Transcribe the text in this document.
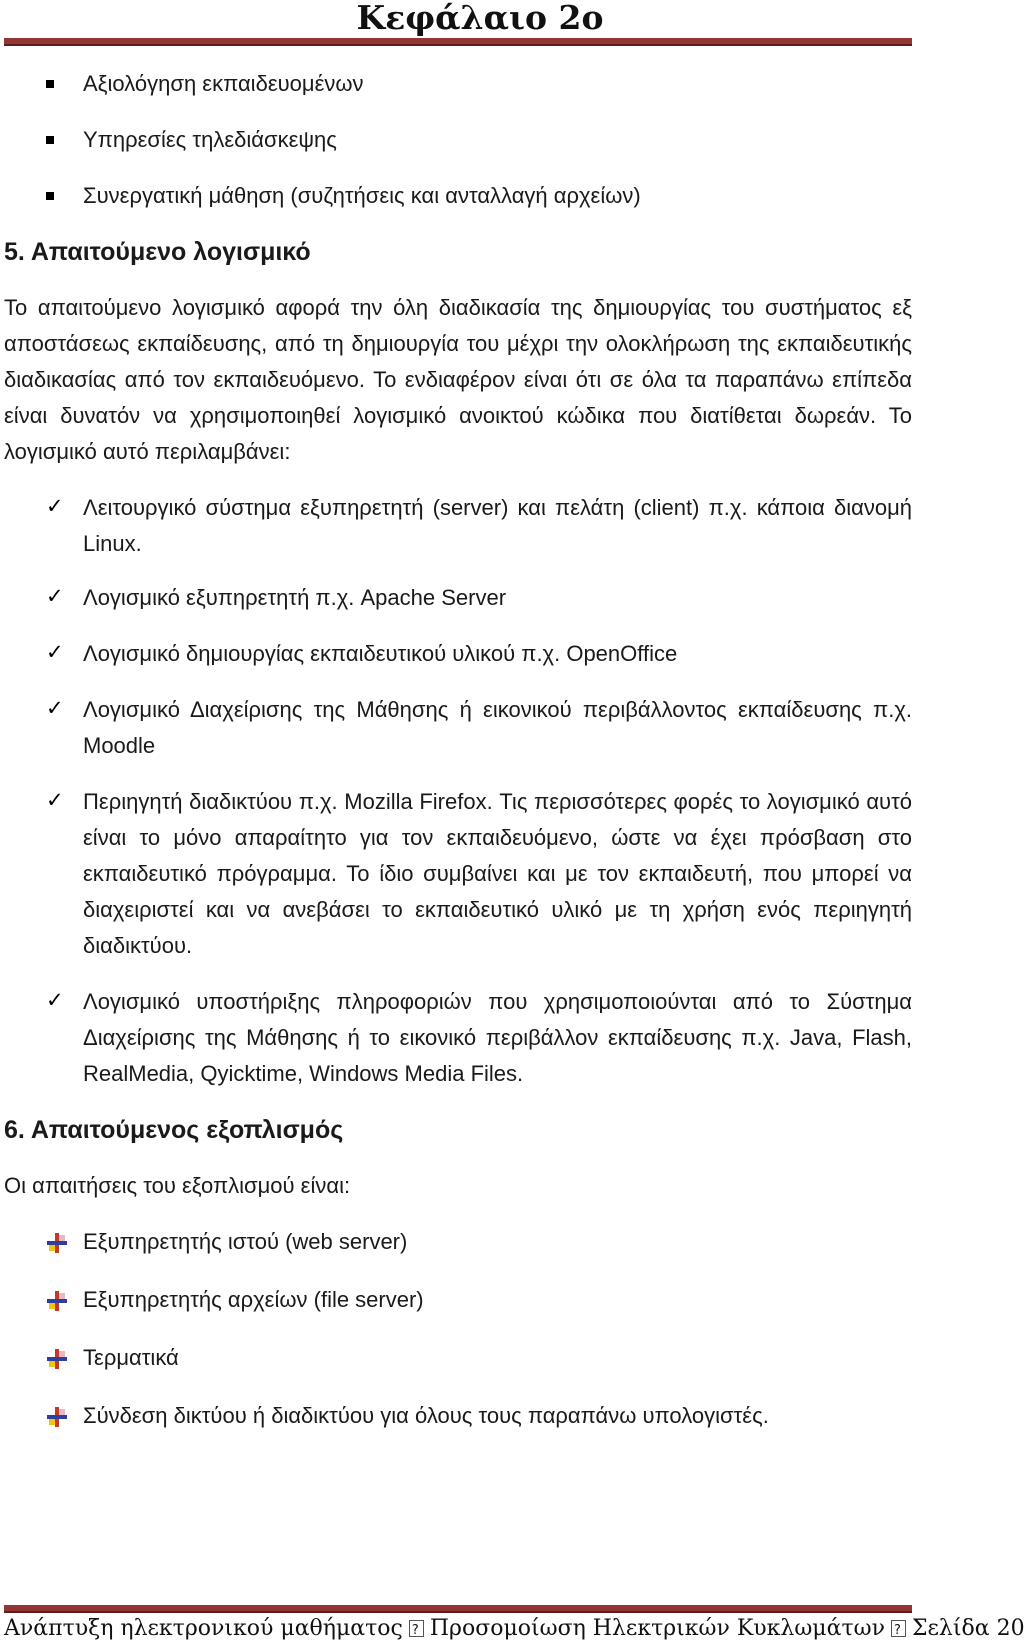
Κεφάλαιο 2ο
Αξιολόγηση εκπαιδευομένων
Υπηρεσίες τηλεδιάσκεψης
Συνεργατική μάθηση (συζητήσεις και ανταλλαγή αρχείων)
5. Απαιτούμενο λογισμικό

Το απαιτούμενο λογισμικό αφορά την όλη διαδικασία της δημιουργίας του συστήματος εξ αποστάσεως εκπαίδευσης, από τη δημιουργία του μέχρι την ολοκλήρωση της εκπαιδευτικής διαδικασίας από τον εκπαιδευόμενο. Το ενδιαφέρον είναι ότι σε όλα τα παραπάνω επίπεδα είναι δυνατόν να χρησιμοποιηθεί λογισμικό ανοικτού κώδικα που διατίθεται δωρεάν. Το λογισμικό αυτό περιλαμβάνει:

✓ Λειτουργικό σύστημα εξυπηρετητή (server) και πελάτη (client) π.χ. κάποια διανομή Linux.
✓ Λογισμικό εξυπηρετητή π.χ. Apache Server
✓ Λογισμικό δημιουργίας εκπαιδευτικού υλικού π.χ. OpenOffice
✓ Λογισμικό Διαχείρισης της Μάθησης ή εικονικού περιβάλλοντος εκπαίδευσης π.χ. Moodle
✓ Περιηγητή διαδικτύου π.χ. Mozilla Firefox. Τις περισσότερες φορές το λογισμικό αυτό είναι το μόνο απαραίτητο για τον εκπαιδευόμενο, ώστε να έχει πρόσβαση στο εκπαιδευτικό πρόγραμμα. Το ίδιο συμβαίνει και με τον εκπαιδευτή, που μπορεί να διαχειριστεί και να ανεβάσει το εκπαιδευτικό υλικό με τη χρήση ενός περιηγητή διαδικτύου.
✓ Λογισμικό υποστήριξης πληροφοριών που χρησιμοποιούνται από το Σύστημα Διαχείρισης της Μάθησης ή το εικονικό περιβάλλον εκπαίδευσης π.χ. Java, Flash, RealMedia, Qyicktime, Windows Media Files.
6. Απαιτούμενος εξοπλισμός

Οι απαιτήσεις του εξοπλισμού είναι:

Εξυπηρετητής ιστού (web server)
Εξυπηρετητής αρχείων (file server)
Τερματικά
Σύνδεση δικτύου ή διαδικτύου για όλους τους παραπάνω υπολογιστές.
Ανάπτυξη ηλεκτρονικού μαθήματος ? Προσομοίωση Ηλεκτρικών Κυκλωμάτων ? Σελίδα 20
